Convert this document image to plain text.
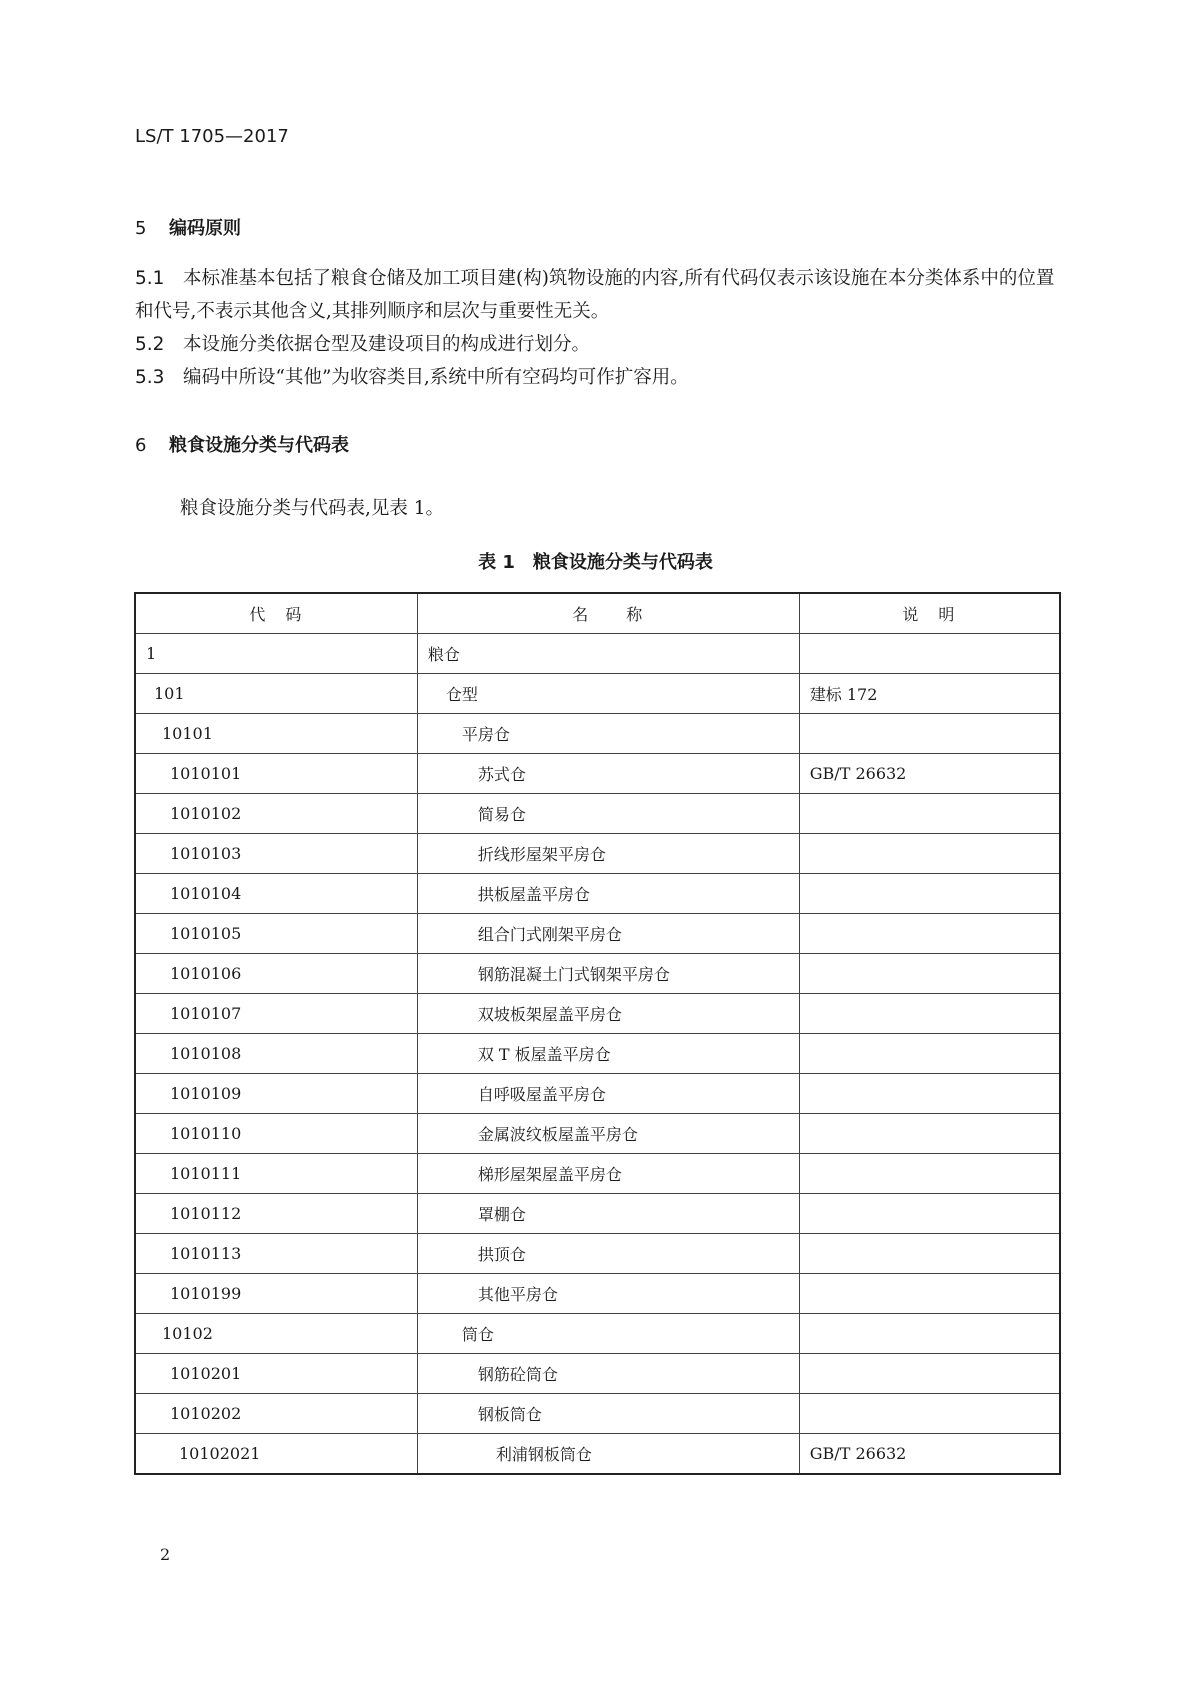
LS/T 1705—2017
5 编码原则
5.1 本标准基本包括了粮食仓储及加工项目建(构)筑物设施的内容,所有代码仅表示该设施在本分类体系中的位置和代号,不表示其他含义,其排列顺序和层次与重要性无关。
5.2 本设施分类依据仓型及建设项目的构成进行划分。
5.3 编码中所设“其他”为收容类目,系统中所有空码均可作扩容用。
6 粮食设施分类与代码表
粮食设施分类与代码表,见表 1。
表 1　粮食设施分类与代码表
代　码	名　　称	说　明
1	粮仓	
101	仓型	建标 172
10101	平房仓	
1010101	苏式仓	GB/T 26632
1010102	简易仓	
1010103	折线形屋架平房仓	
1010104	拱板屋盖平房仓	
1010105	组合门式刚架平房仓	
1010106	钢筋混凝土门式钢架平房仓	
1010107	双坡板架屋盖平房仓	
1010108	双 T 板屋盖平房仓	
1010109	自呼吸屋盖平房仓	
1010110	金属波纹板屋盖平房仓	
1010111	梯形屋架屋盖平房仓	
1010112	罩棚仓	
1010113	拱顶仓	
1010199	其他平房仓	
10102	筒仓	
1010201	钢筋砼筒仓	
1010202	钢板筒仓	
10102021	利浦钢板筒仓	GB/T 26632
2
